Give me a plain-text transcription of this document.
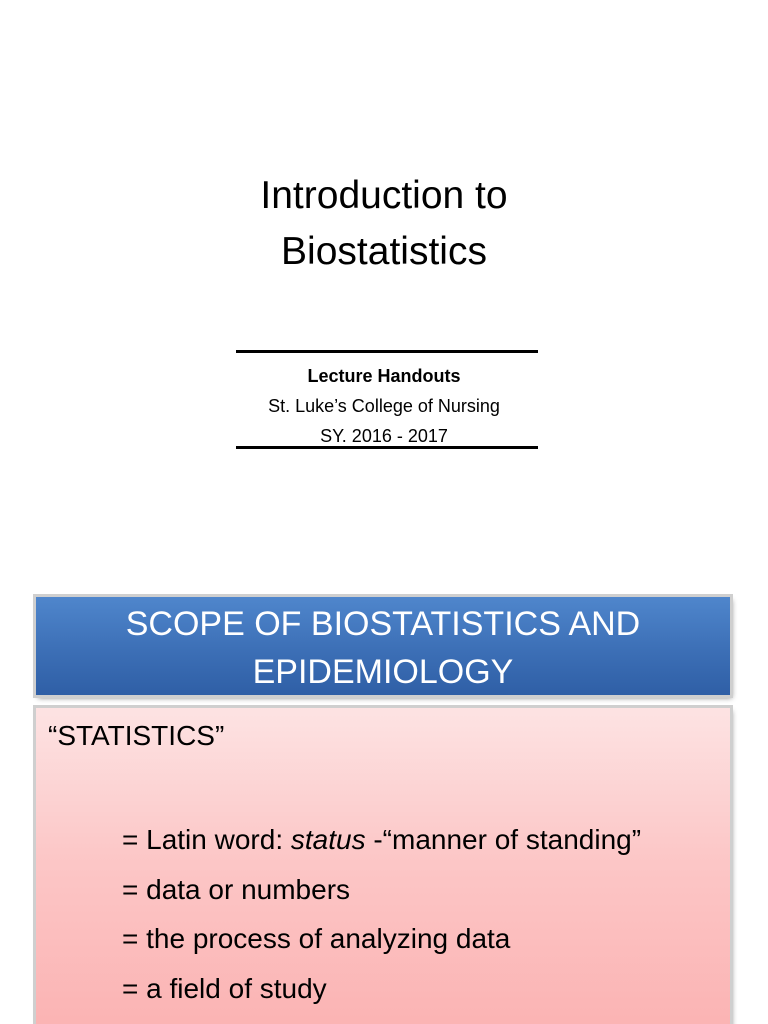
Introduction to
Biostatistics
Lecture Handouts
St. Luke’s College of Nursing
SY. 2016 - 2017
SCOPE OF BIOSTATISTICS AND
EPIDEMIOLOGY
“STATISTICS”
= Latin word: status -“manner of standing”
= data or numbers
= the process of analyzing data
= a field of study
